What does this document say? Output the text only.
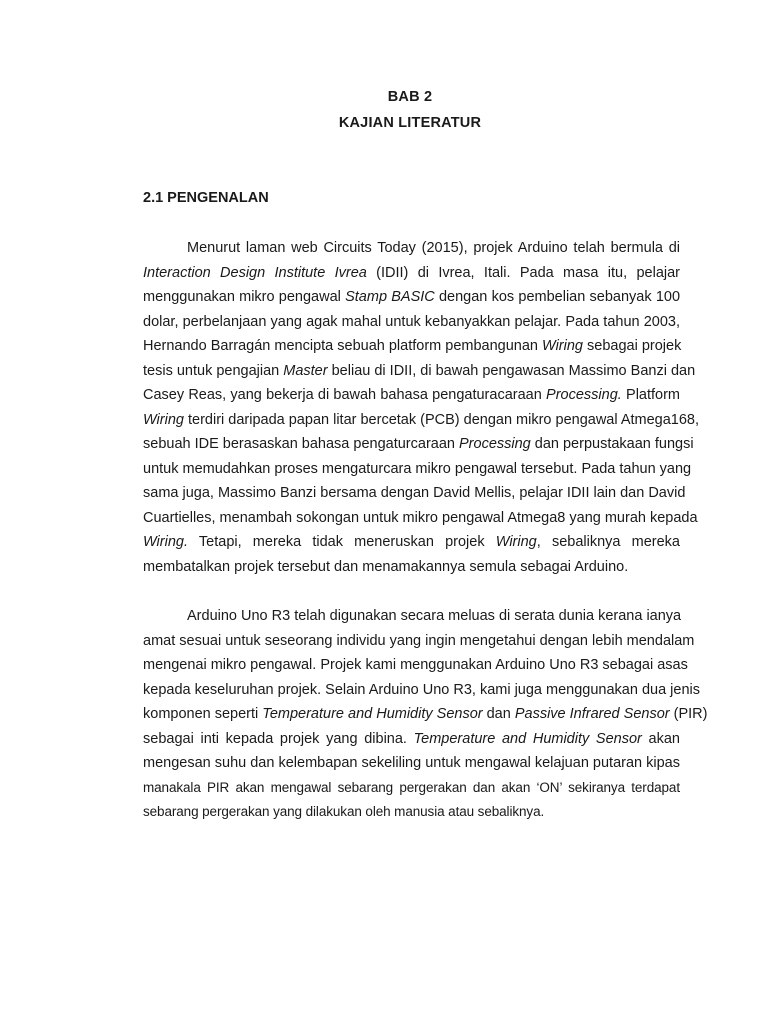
BAB 2
KAJIAN LITERATUR
2.1 PENGENALAN
Menurut laman web Circuits Today (2015), projek Arduino telah bermula di
Interaction Design Institute Ivrea (IDII) di Ivrea, Itali. Pada masa itu, pelajar
menggunakan mikro pengawal Stamp BASIC dengan kos pembelian sebanyak 100
dolar, perbelanjaan yang agak mahal untuk kebanyakkan pelajar. Pada tahun 2003,
Hernando Barragán mencipta sebuah platform pembangunan Wiring sebagai projek
tesis untuk pengajian Master beliau di IDII, di bawah pengawasan Massimo Banzi dan
Casey Reas, yang bekerja di bawah bahasa pengaturacaraan Processing. Platform
Wiring terdiri daripada papan litar bercetak (PCB) dengan mikro pengawal Atmega168,
sebuah IDE berasaskan bahasa pengaturcaraan Processing dan perpustakaan fungsi
untuk memudahkan proses mengaturcara mikro pengawal tersebut. Pada tahun yang
sama juga, Massimo Banzi bersama dengan David Mellis, pelajar IDII lain dan David
Cuartielles, menambah sokongan untuk mikro pengawal Atmega8 yang murah kepada
Wiring. Tetapi, mereka tidak meneruskan projek Wiring, sebaliknya mereka
membatalkan projek tersebut dan menamakannya semula sebagai Arduino.
Arduino Uno R3 telah digunakan secara meluas di serata dunia kerana ianya
amat sesuai untuk seseorang individu yang ingin mengetahui dengan lebih mendalam
mengenai mikro pengawal. Projek kami menggunakan Arduino Uno R3 sebagai asas
kepada keseluruhan projek. Selain Arduino Uno R3, kami juga menggunakan dua jenis
komponen seperti Temperature and Humidity Sensor dan Passive Infrared Sensor (PIR)
sebagai inti kepada projek yang dibina. Temperature and Humidity Sensor akan
mengesan suhu dan kelembapan sekeliling untuk mengawal kelajuan putaran kipas
manakala PIR akan mengawal sebarang pergerakan dan akan ‘ON’ sekiranya terdapat
sebarang pergerakan yang dilakukan oleh manusia atau sebaliknya.
